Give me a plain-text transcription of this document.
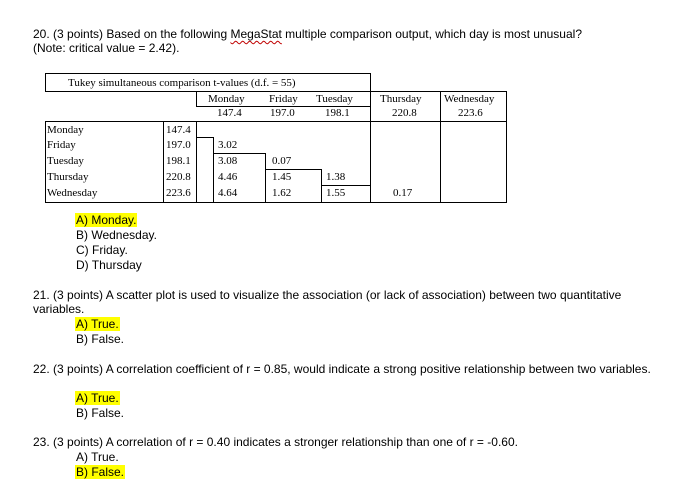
20. (3 points) Based on the following MegaStat multiple comparison output, which day is most unusual?
(Note: critical value = 2.42).
Tukey simultaneous comparison t-values (d.f. = 55)
Monday Friday Tuesday Thursday Wednesday
147.4	197.0	198.1	220.8	223.6
Monday	147.4
Friday	197.0 3.02
Tuesday	198.1 3.08	0.07
Thursday	220.8 4.46	1.45	1.38
Wednesday	223.6 4.64	1.62	1.55	0.17
A) Monday.
B) Wednesday.
C) Friday.
D) Thursday
21. (3 points) A scatter plot is used to visualize the association (or lack of association) between two quantitative variables.
A) True.
B) False.
22. (3 points) A correlation coefficient of r = 0.85, would indicate a strong positive relationship between two variables.
A) True.
B) False.
23. (3 points) A correlation of r = 0.40 indicates a stronger relationship than one of r = -0.60.
A) True.
B) False.
